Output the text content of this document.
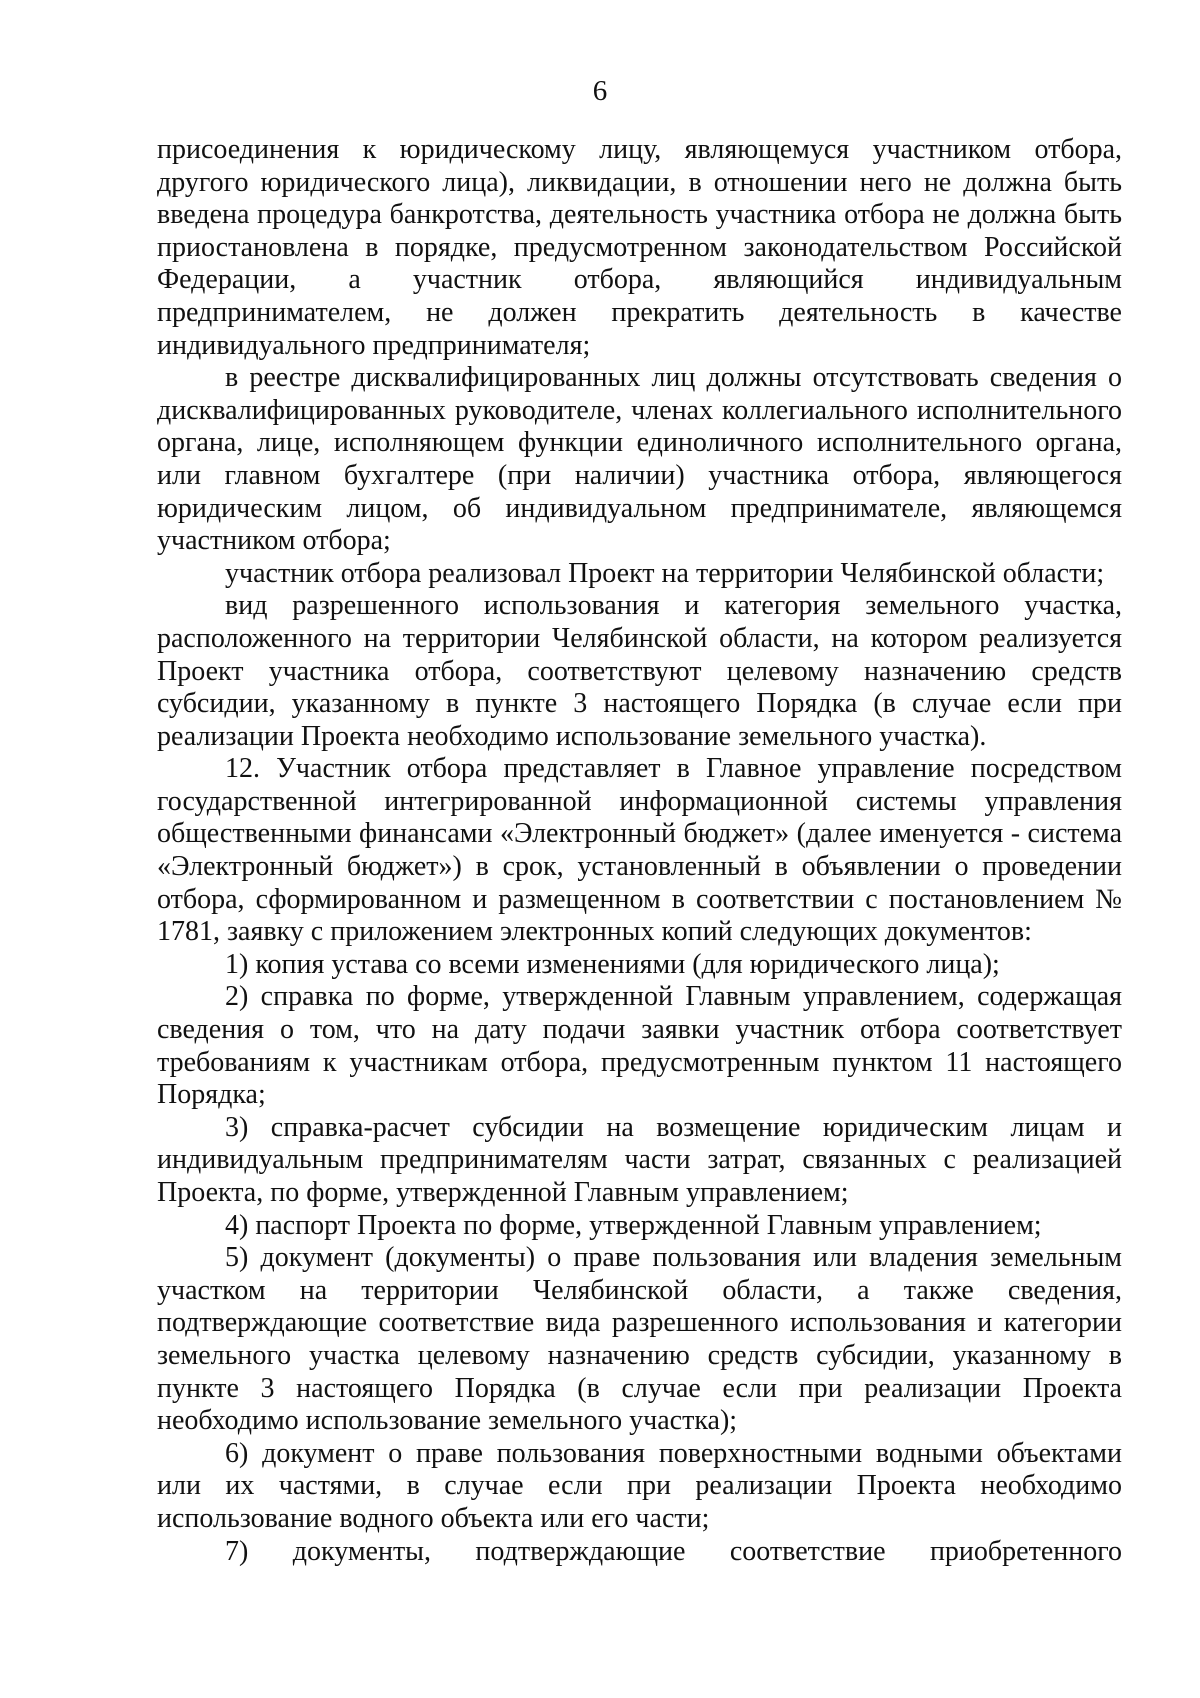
6

присоединения к юридическому лицу, являющемуся участником отбора, другого юридического лица), ликвидации, в отношении него не должна быть введена процедура банкротства, деятельность участника отбора не должна быть приостановлена в порядке, предусмотренном законодательством Российской Федерации, а участник отбора, являющийся индивидуальным предпринимателем, не должен прекратить деятельность в качестве индивидуального предпринимателя;

в реестре дисквалифицированных лиц должны отсутствовать сведения о дисквалифицированных руководителе, членах коллегиального исполнительного органа, лице, исполняющем функции единоличного исполнительного органа, или главном бухгалтере (при наличии) участника отбора, являющегося юридическим лицом, об индивидуальном предпринимателе, являющемся участником отбора;

участник отбора реализовал Проект на территории Челябинской области;

вид разрешенного использования и категория земельного участка, расположенного на территории Челябинской области, на котором реализуется Проект участника отбора, соответствуют целевому назначению средств субсидии, указанному в пункте 3 настоящего Порядка (в случае если при реализации Проекта необходимо использование земельного участка).

12. Участник отбора представляет в Главное управление посредством государственной интегрированной информационной системы управления общественными финансами «Электронный бюджет» (далее именуется - система «Электронный бюджет») в срок, установленный в объявлении о проведении отбора, сформированном и размещенном в соответствии с постановлением № 1781, заявку с приложением электронных копий следующих документов:

1) копия устава со всеми изменениями (для юридического лица);

2) справка по форме, утвержденной Главным управлением, содержащая сведения о том, что на дату подачи заявки участник отбора соответствует требованиям к участникам отбора, предусмотренным пунктом 11 настоящего Порядка;

3) справка-расчет субсидии на возмещение юридическим лицам и индивидуальным предпринимателям части затрат, связанных с реализацией Проекта, по форме, утвержденной Главным управлением;

4) паспорт Проекта по форме, утвержденной Главным управлением;

5) документ (документы) о праве пользования или владения земельным участком на территории Челябинской области, а также сведения, подтверждающие соответствие вида разрешенного использования и категории земельного участка целевому назначению средств субсидии, указанному в пункте 3 настоящего Порядка (в случае если при реализации Проекта необходимо использование земельного участка);

6) документ о праве пользования поверхностными водными объектами или их частями, в случае если при реализации Проекта необходимо использование водного объекта или его части;

7) документы, подтверждающие соответствие приобретенного
